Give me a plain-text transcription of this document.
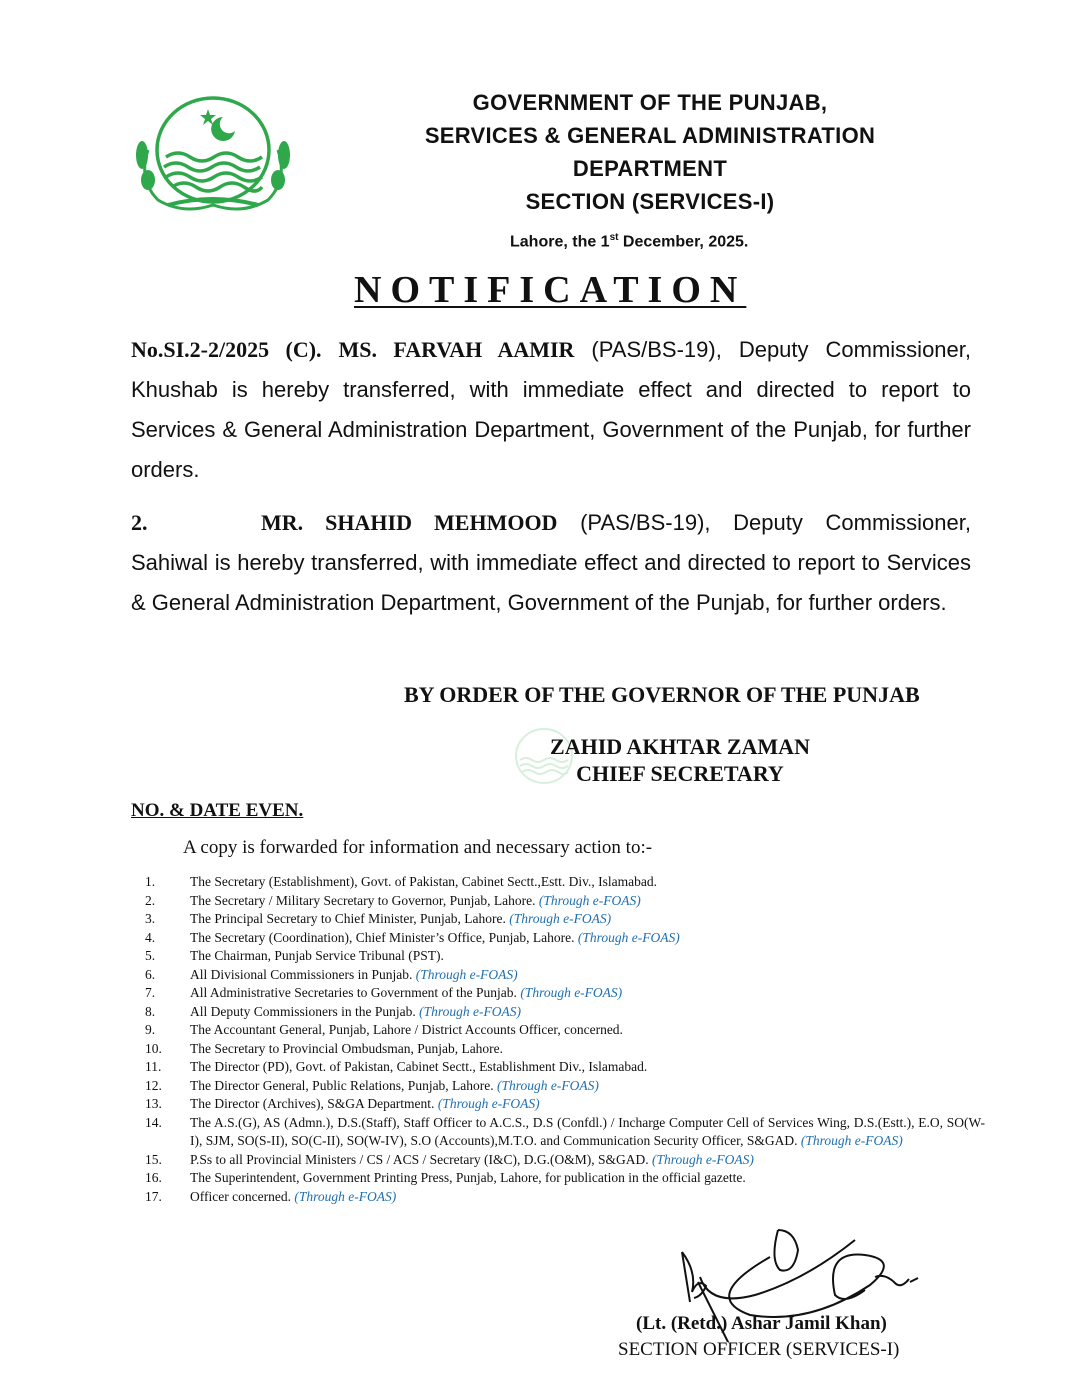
GOVERNMENT OF THE PUNJAB,
SERVICES & GENERAL ADMINISTRATION
DEPARTMENT
SECTION (SERVICES-I)
Lahore, the 1st December, 2025.
NOTIFICATION
No.SI.2-2/2025 (C). MS. FARVAH AAMIR (PAS/BS-19), Deputy Commissioner, Khushab is hereby transferred, with immediate effect and directed to report to Services & General Administration Department, Government of the Punjab, for further orders.
2.	MR. SHAHID MEHMOOD (PAS/BS-19), Deputy Commissioner, Sahiwal is hereby transferred, with immediate effect and directed to report to Services & General Administration Department, Government of the Punjab, for further orders.
BY ORDER OF THE GOVERNOR OF THE PUNJAB
ZAHID AKHTAR ZAMAN
CHIEF SECRETARY
NO. & DATE EVEN.
A copy is forwarded for information and necessary action to:-
1.	The Secretary (Establishment), Govt. of Pakistan, Cabinet Sectt.,Estt. Div., Islamabad.
2.	The Secretary / Military Secretary to Governor, Punjab, Lahore. (Through e-FOAS)
3.	The Principal Secretary to Chief Minister, Punjab, Lahore. (Through e-FOAS)
4.	The Secretary (Coordination), Chief Minister’s Office, Punjab, Lahore. (Through e-FOAS)
5.	The Chairman, Punjab Service Tribunal (PST).
6.	All Divisional Commissioners in Punjab. (Through e-FOAS)
7.	All Administrative Secretaries to Government of the Punjab. (Through e-FOAS)
8.	All Deputy Commissioners in the Punjab. (Through e-FOAS)
9.	The Accountant General, Punjab, Lahore / District Accounts Officer, concerned.
10.	The Secretary to Provincial Ombudsman, Punjab, Lahore.
11.	The Director (PD), Govt. of Pakistan, Cabinet Sectt., Establishment Div., Islamabad.
12.	The Director General, Public Relations, Punjab, Lahore. (Through e-FOAS)
13.	The Director (Archives), S&GA Department. (Through e-FOAS)
14.	The A.S.(G), AS (Admn.), D.S.(Staff), Staff Officer to A.C.S., D.S (Confdl.) / Incharge Computer Cell of Services Wing, D.S.(Estt.), E.O, SO(W-I), SJM, SO(S-II), SO(C-II), SO(W-IV), S.O (Accounts),M.T.O. and Communication Security Officer, S&GAD. (Through e-FOAS)
15.	P.Ss to all Provincial Ministers / CS / ACS / Secretary (I&C), D.G.(O&M), S&GAD. (Through e-FOAS)
16.	The Superintendent, Government Printing Press, Punjab, Lahore, for publication in the official gazette.
17.	Officer concerned. (Through e-FOAS)
(Lt. (Retd.) Ashar Jamil Khan)
SECTION OFFICER (SERVICES-I)
